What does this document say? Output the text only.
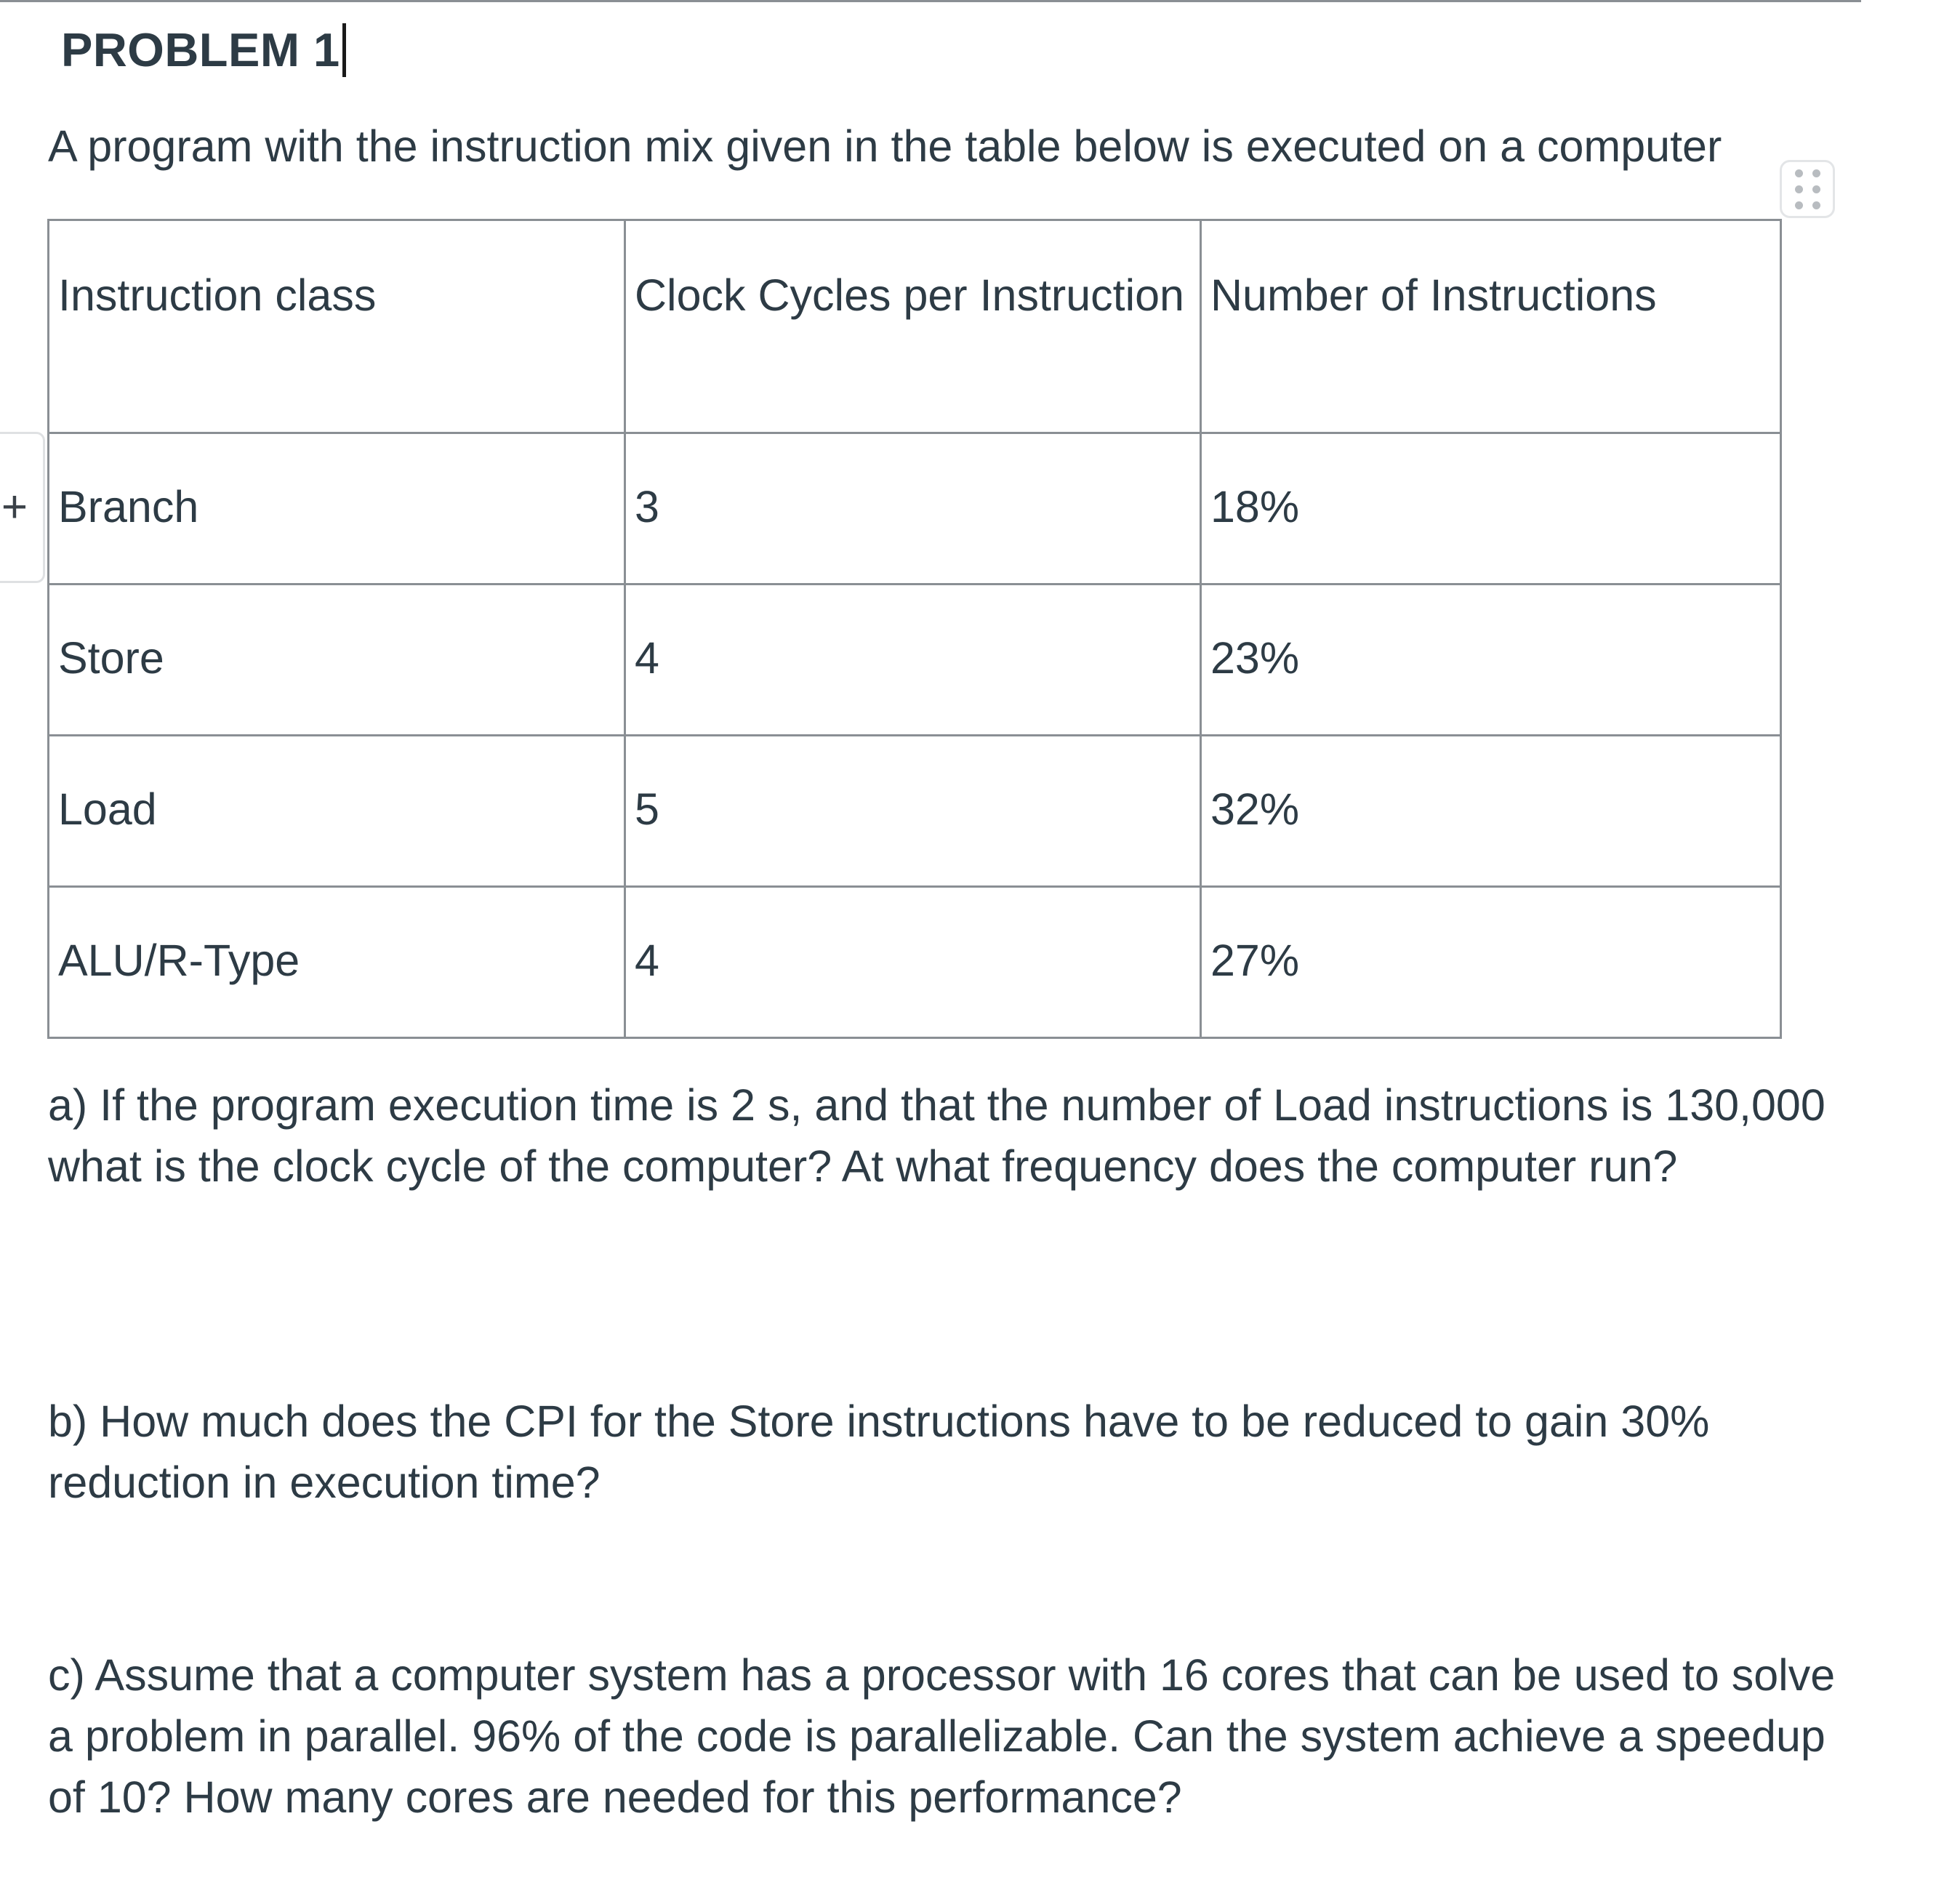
PROBLEM 1
A program with the instruction mix given in the table below is executed on a computer
Instruction class	Clock Cycles per Instruction	Number of Instructions
Branch	3	18%
Store	4	23%
Load	5	32%
ALU/R-Type	4	27%
+

a) If the program execution time is 2 s, and that the number of Load instructions is 130,000 what is the clock cycle of the computer? At what frequency does the computer run?

b) How much does the CPI for the Store instructions have to be reduced to gain 30% reduction in execution time?

c) Assume that a computer system has a processor with 16 cores that can be used to solve a problem in parallel. 96% of the code is parallelizable. Can the system achieve a speedup of 10? How many cores are needed for this performance?
